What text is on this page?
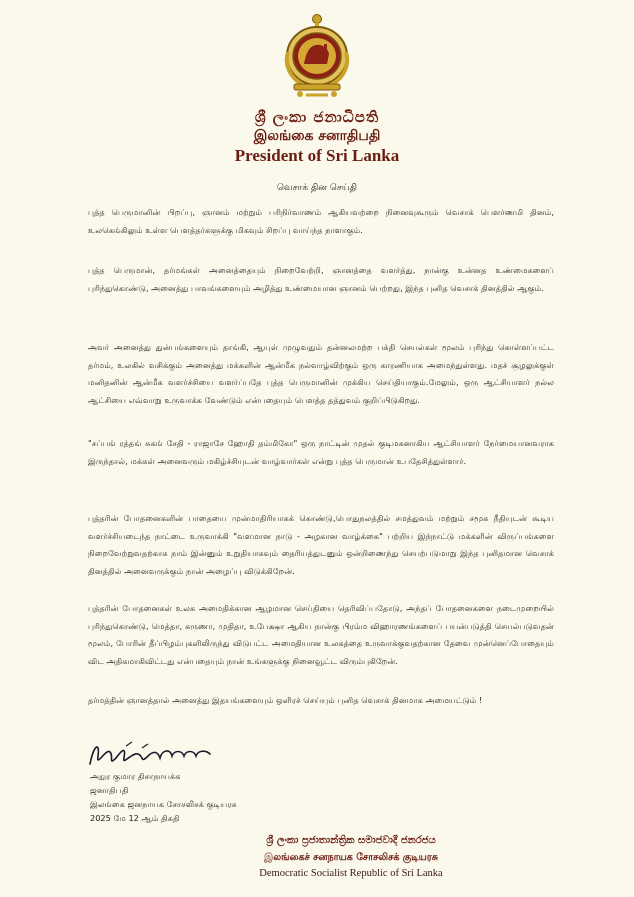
ශ්‍රී ලංකා ජනාධිපති
இலங்கை சனாதிபதி
President of Sri Lanka
வெசாக் தின செய்தி

புத்த பெருமானின் பிறப்பு, ஞானம் மற்றும் பரிநிர்வாணம் ஆகியவற்றை நினைவுகூரும் வெசாக் பௌர்ணமி தினம், உலகெங்கிலும் உள்ள பௌத்தர்களுக்கு மிகவும் சிறப்பு வாய்ந்த நாளாகும்.

புத்த பெருமான், தர்மங்கள் அனைத்தையும் நிறைவேற்றி, ஞானத்தை வளர்த்து, நான்கு உன்னத உண்மைகளைப் புரிந்துகொண்டு, அனைத்து பாவங்களையும் அழித்து உண்மையான ஞானம் பெற்றது, இந்த புனித வெசாக் தினத்தில் ஆகும்.

அவர் அனைத்து துன்பங்களையும் தாங்கி, ஆயுள் முழுவதும் தன்னலமற்ற பக்தி செயல்கள் மூலம் புரிந்து கொள்ளப்பட்ட தர்மம், உலகில் வசிக்கும் அனைத்து மக்களின் ஆன்மீக நல்வாழ்விற்கும் ஒரு காரணியாக அமைந்துள்ளது. மதச் சூழலுக்குள் மனிதனின் ஆன்மீக வளர்ச்சியை வளர்ப்பதே புத்த பெருமானின் முக்கிய செய்தியாகும்.மேலும், ஒரு ஆட்சியாளர் நல்ல ஆட்சியை எவ்வாறு உருவாக்க வேண்டும் என்பதையும் பௌத்த தத்துவம் குறிப்பிடுகிறது.

"சப்பங் ரத்தங் சுகங் சேதி - ராஜாசே ஹோதி தம்மிகோ" ஒரு நாட்டின் முதல் குடிமகனாகிய ஆட்சியாளர் நேர்மையானவராக இருந்தால், மக்கள் அனைவரும் மகிழ்ச்சியுடன் வாழ்வார்கள் என்று புத்த பெருமான் உபதேசித்துள்ளார்.

புத்தரின் போதனைகளின் பாதையை முன்மாதிரியாகக் கொண்டு,பொதுநலத்தில் சமத்துவம் மற்றும் சமூக நீதியுடன் கூடிய வளர்ச்சியடைந்த நாட்டை உருவாக்கி "வளமான நாடு - அழகான வாழ்க்கை" பற்றிய இந்நாட்டு மக்களின் விருப்பங்களை நிறைவேற்றுவதற்காக நாம் இன்னும் உறுதியாகவும் தைரியத்துடனும் ஒன்றிணைந்து செயற்படுமாறு இந்த புனிதமான வெசாக் தினத்தில் அனைவருக்கும் நான் அழைப்பு விடுக்கிறேன்.

புத்தரின் போதனைகள் உலக அமைதிக்கான ஆழமான செய்தியை தெரிவிப்பதோடு, அந்தப் போதனைகளை நடைமுறையில் புரிந்துகொண்டு, மெத்தா, கருணா, முதிதா, உபேக்ஷா ஆகிய நான்கு பிரம்ம விஹாரணங்களைப் பயன்படுத்தி செயல்படுவதன் மூலம், போரின் தீப்பிழம்புகளிலிருந்து விடுபட்ட அமைதியான உலகத்தை உருவாக்குவதற்கான தேவை முன்னெப்போதையும் விட அதிகமாகிவிட்டது என்பதையும் நான் உங்களுக்கு நினைவூட்ட விரும்புகிறேன்.

தர்மத்தின் ஞானத்தால் அனைத்து இதயங்களையும் ஒளிரச் செய்யும் புனித வெசாக் தினமாக அமையட்டும் !

அநுர குமார திசாநாயக்க
ஜனாதிபதி
இலங்கை ஜனநாயக சோசலிசக் குடியரசு
2025 மே 12 ஆம் திகதி
ශ්‍රී ලංකා ප්‍රජාතාන්ත්‍රික සමාජවාදී ජනරජය
இலங்கைச் சனநாயக சோசலிசக் குடியரசு
Democratic Socialist Republic of Sri Lanka
